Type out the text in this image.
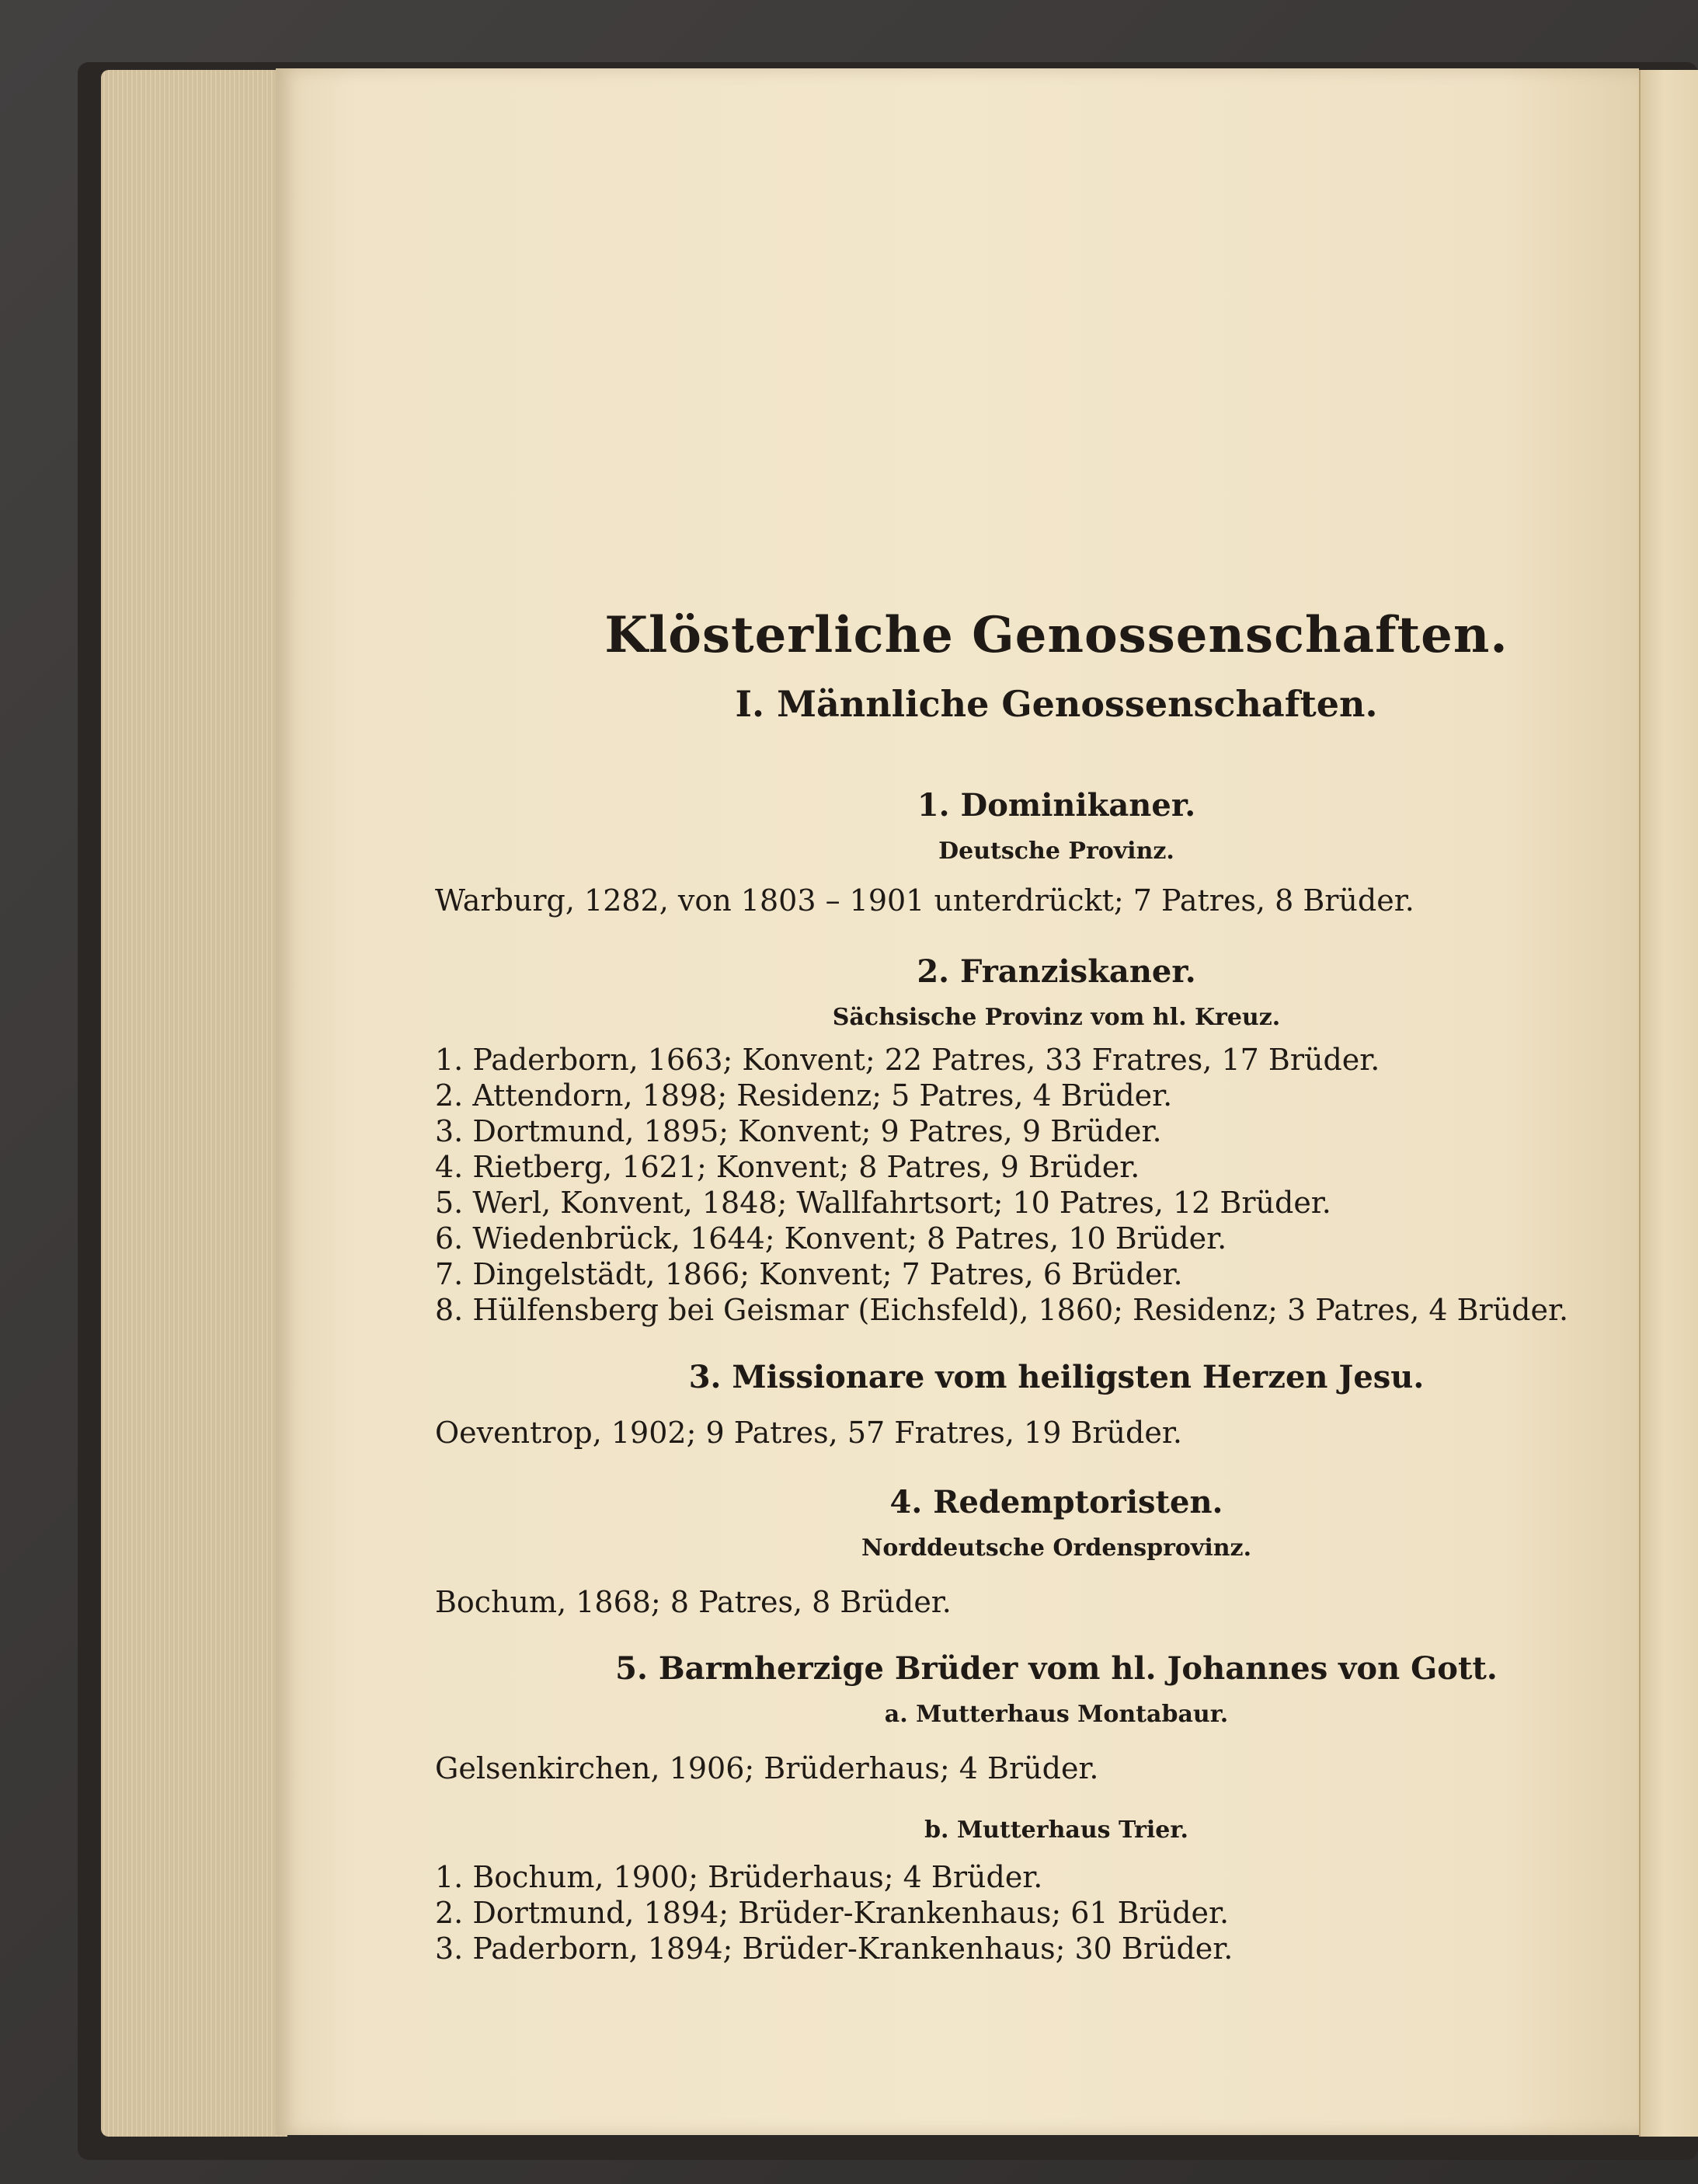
Klösterliche Genossenschaften.
I. Männliche Genossenschaften.
1. Dominikaner.
Deutsche Provinz.
Warburg, 1282, von 1803 – 1901 unterdrückt; 7 Patres, 8 Brüder.
2. Franziskaner.
Sächsische Provinz vom hl. Kreuz.
1. Paderborn, 1663; Konvent; 22 Patres, 33 Fratres, 17 Brüder.
2. Attendorn, 1898; Residenz; 5 Patres, 4 Brüder.
3. Dortmund, 1895; Konvent; 9 Patres, 9 Brüder.
4. Rietberg, 1621; Konvent; 8 Patres, 9 Brüder.
5. Werl, Konvent, 1848; Wallfahrtsort; 10 Patres, 12 Brüder.
6. Wiedenbrück, 1644; Konvent; 8 Patres, 10 Brüder.
7. Dingelstädt, 1866; Konvent; 7 Patres, 6 Brüder.
8. Hülfensberg bei Geismar (Eichsfeld), 1860; Residenz; 3 Patres, 4 Brüder.
3. Missionare vom heiligsten Herzen Jesu.
Oeventrop, 1902; 9 Patres, 57 Fratres, 19 Brüder.
4. Redemptoristen.
Norddeutsche Ordensprovinz.
Bochum, 1868; 8 Patres, 8 Brüder.
5. Barmherzige Brüder vom hl. Johannes von Gott.
a. Mutterhaus Montabaur.
Gelsenkirchen, 1906; Brüderhaus; 4 Brüder.
b. Mutterhaus Trier.
1. Bochum, 1900; Brüderhaus; 4 Brüder.
2. Dortmund, 1894; Brüder-Krankenhaus; 61 Brüder.
3. Paderborn, 1894; Brüder-Krankenhaus; 30 Brüder.
